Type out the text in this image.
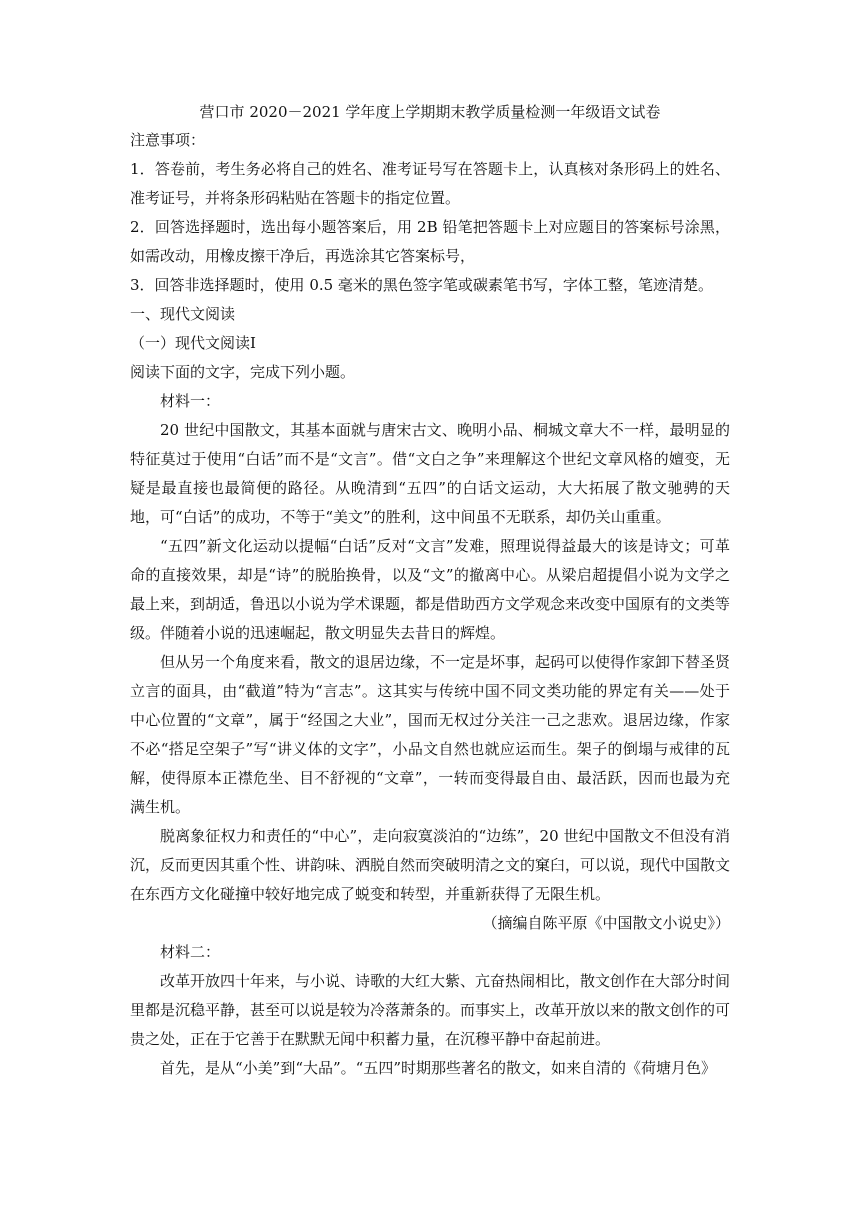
营口市 2020－2021 学年度上学期期末教学质量检测一年级语文试卷

注意事项：

1．答卷前，考生务必将自己的姓名、准考证号写在答题卡上，认真核对条形码上的姓名、准考证号，并将条形码粘贴在答题卡的指定位置。

2．回答选择题时，选出每小题答案后，用 2B 铅笔把答题卡上对应题目的答案标号涂黑，如需改动，用橡皮擦干净后，再选涂其它答案标号，

3．回答非选择题时，使用 0.5 毫米的黑色签字笔或碳素笔书写，字体工整，笔迹清楚。

一、现代文阅读

（一）现代文阅读Ⅰ

阅读下面的文字，完成下列小题。

材料一：

20 世纪中国散文，其基本面就与唐宋古文、晚明小品、桐城文章大不一样，最明显的特征莫过于使用“白话”而不是“文言”。借“文白之争”来理解这个世纪文章风格的嬗变，无疑是最直接也最简便的路径。从晚清到“五四”的白话文运动，大大拓展了散文驰骋的天地，可“白话”的成功，不等于“美文”的胜利，这中间虽不无联系，却仍关山重重。

“五四”新文化运动以提幅“白话”反对“文言”发难，照理说得益最大的该是诗文；可革命的直接效果，却是“诗”的脱胎换骨，以及“文”的撤离中心。从梁启超提倡小说为文学之最上来，到胡适，鲁迅以小说为学术课题，都是借助西方文学观念来改变中国原有的文类等级。伴随着小说的迅速崛起，散文明显失去昔日的辉煌。

但从另一个角度来看，散文的退居边缘，不一定是坏事，起码可以使得作家卸下替圣贤立言的面具，由“截道”特为“言志”。这其实与传统中国不同文类功能的界定有关——处于中心位置的“文章”，属于“经国之大业”，国而无权过分关注一己之悲欢。退居边缘，作家不必“搭足空架子”写“讲义体的文字”，小品文自然也就应运而生。架子的倒塌与戒律的瓦解，使得原本正襟危坐、目不舒视的“文章”，一转而变得最自由、最活跃，因而也最为充满生机。

脱离象征权力和责任的“中心”，走向寂寞淡泊的“边练”，20 世纪中国散文不但没有消沉，反而更因其重个性、讲韵味、洒脱自然而突破明清之文的窠臼，可以说，现代中国散文在东西方文化碰撞中较好地完成了蜕变和转型，并重新获得了无限生机。

（摘编自陈平原《中国散文小说史》）

材料二：

改革开放四十年来，与小说、诗歌的大红大紫、亢奋热闹相比，散文创作在大部分时间里都是沉稳平静，甚至可以说是较为冷落萧条的。而事实上，改革开放以来的散文创作的可贵之处，正在于它善于在默默无闻中积蓄力量，在沉穆平静中奋起前进。

首先，是从“小美”到“大品”。“五四”时期那些著名的散文，如来自清的《荷塘月色》
